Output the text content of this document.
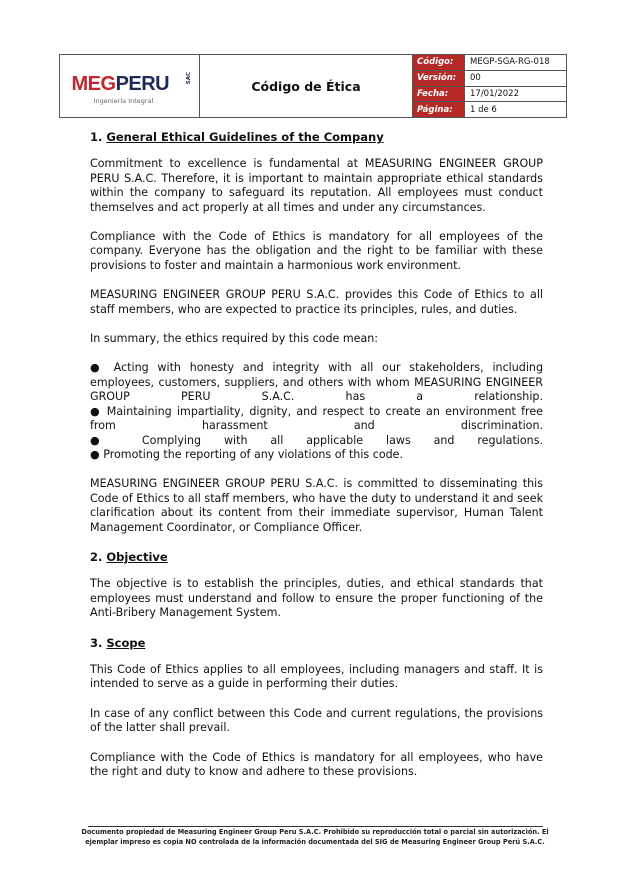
MEGPERU SAC
Ingeniería Integral	Código de Ética	Código:	MEGP-SGA-RG-018
		Versión:	00
		Fecha:	17/01/2022
		Página:	1 de 6
1. General Ethical Guidelines of the Company

Commitment to excellence is fundamental at MEASURING ENGINEER GROUP PERU S.A.C. Therefore, it is important to maintain appropriate ethical standards within the company to safeguard its reputation. All employees must conduct themselves and act properly at all times and under any circumstances.

Compliance with the Code of Ethics is mandatory for all employees of the company. Everyone has the obligation and the right to be familiar with these provisions to foster and maintain a harmonious work environment.

MEASURING ENGINEER GROUP PERU S.A.C. provides this Code of Ethics to all staff members, who are expected to practice its principles, rules, and duties.

In summary, the ethics required by this code mean:

● Acting with honesty and integrity with all our stakeholders, including employees, customers, suppliers, and others with whom MEASURING ENGINEER GROUP PERU S.A.C. has a relationship.
● Maintaining impartiality, dignity, and respect to create an environment free from harassment and discrimination.
● Complying with all applicable laws and regulations.
● Promoting the reporting of any violations of this code.

MEASURING ENGINEER GROUP PERU S.A.C. is committed to disseminating this Code of Ethics to all staff members, who have the duty to understand it and seek clarification about its content from their immediate supervisor, Human Talent Management Coordinator, or Compliance Officer.

2. Objective

The objective is to establish the principles, duties, and ethical standards that employees must understand and follow to ensure the proper functioning of the Anti-Bribery Management System.

3. Scope

This Code of Ethics applies to all employees, including managers and staff. It is intended to serve as a guide in performing their duties.

In case of any conflict between this Code and current regulations, the provisions of the latter shall prevail.

Compliance with the Code of Ethics is mandatory for all employees, who have the right and duty to know and adhere to these provisions.

Documento propiedad de Measuring Engineer Group Peru S.A.C. Prohibido su reproducción total o parcial sin autorización. El
ejemplar impreso es copia NO controlada de la información documentada del SIG de Measuring Engineer Group Perú S.A.C.
